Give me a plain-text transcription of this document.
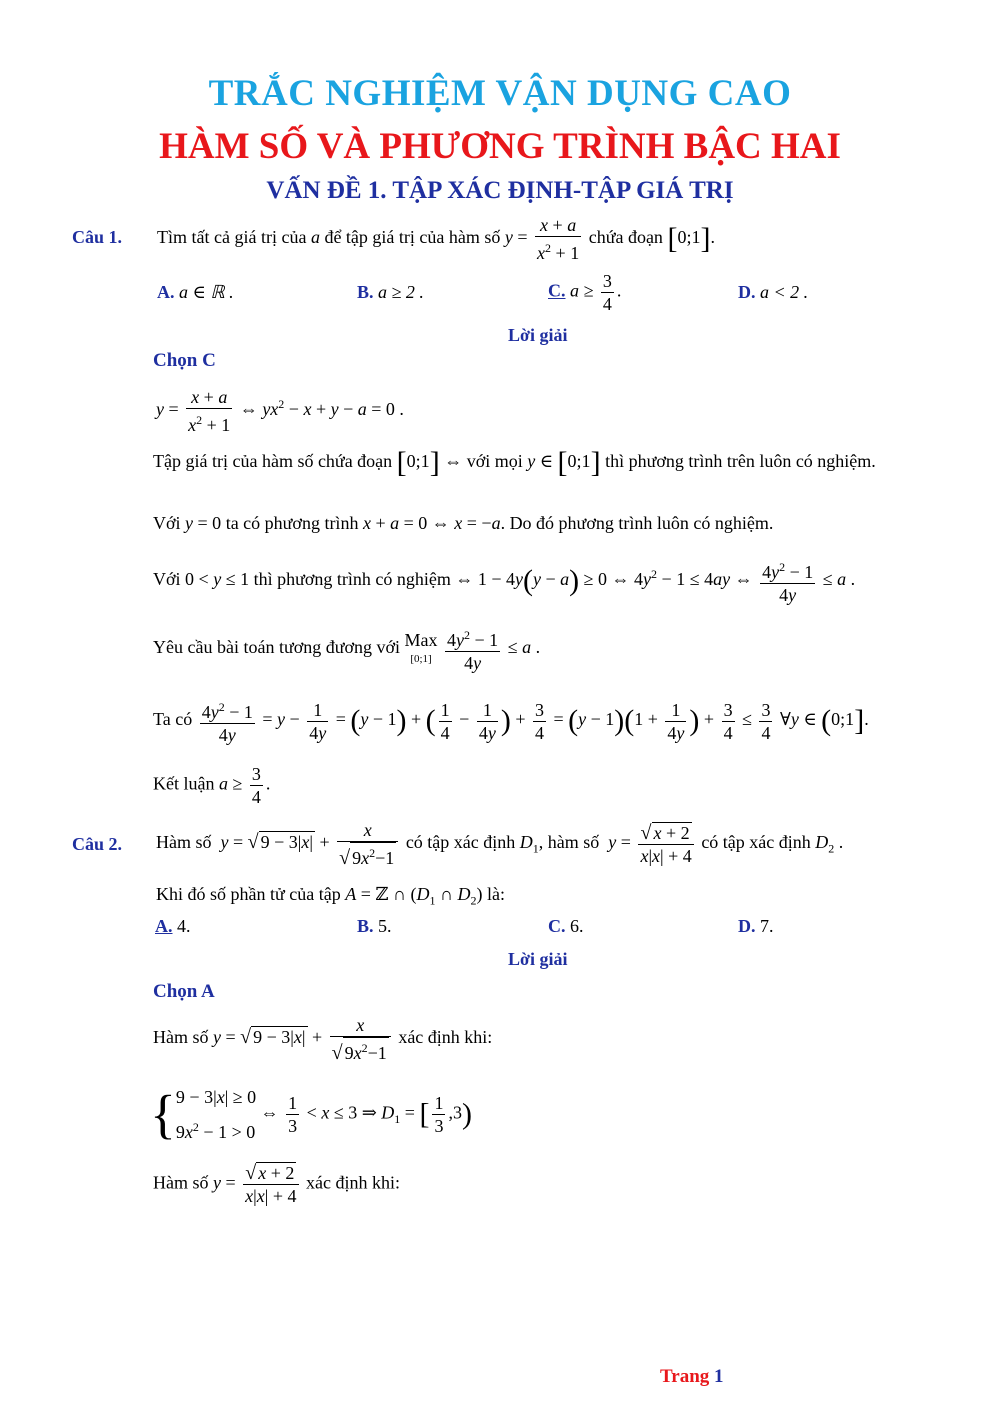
TRẮC NGHIỆM VẬN DỤNG CAO
HÀM SỐ VÀ PHƯƠNG TRÌNH BẬC HAI
VẤN ĐỀ 1. TẬP XÁC ĐỊNH-TẬP GIÁ TRỊ
Câu 1. Tìm tất cả giá trị của a để tập giá trị của hàm số $y = \frac{x + a}{x^2 + 1}$ chứa đoạn [0;1].
A. a ∈ ℝ .	B. a ≥ 2 .	C. $a \ge \frac{3}{4}$ .	D. a < 2 .
Lời giải
Chọn C
$y = \frac{x + a}{x^2 + 1}$ ⇔ $yx^2 - x + y - a = 0$ .
Tập giá trị của hàm số chứa đoạn [0;1] ⇔ với mọi y ∈ [0;1] thì phương trình trên luôn có nghiệm.
Với y = 0 ta có phương trình x + a = 0 ⇔ x = −a. Do đó phương trình luôn có nghiệm.
Với 0 < y ≤ 1 thì phương trình có nghiệm ⇔ 1 − 4y(y − a) ≥ 0 ⇔ $4y^2 - 1 \le 4ay$ ⇔ $\frac{4y^2 - 1}{4y} \le a$ .
Yêu cầu bài toán tương đương với Max
[0;1] $\frac{4y^2 - 1}{4y} \le a$ .
Ta có $\frac{4y^2 - 1}{4y} = y - \frac{1}{4y} = (y - 1)$ + ( $\frac{1}{4} - \frac{1}{4y}$ ) + $\frac{3}{4} = (y - 1)(1 + \frac{1}{4y}$ ) + $\frac{3}{4} \le \frac{3}{4}$ ∀y ∈ (0;1].
Kết luận $a \ge \frac{3}{4}$ .
Câu 2. Hàm số y = √ $9 - 3|x| + \frac{x}{√ 9x^2-1}$ có tập xác định $D_1$, hàm số $y = \frac{√ x + 2}{x|x| + 4}$ có tập xác định $D_2$ .
Khi đó số phần tử của tập A = ℤ ∩ ($D_1$ ∩ $D_2$) là:
A. 4.	B. 5.	C. 6.	D. 7.
Lời giải
Chọn A
Hàm số y = √ $9 - 3|x| + \frac{x}{√ 9x^2-1}$ xác định khi:
{9 − 3|x| ≥ 0
$9x^2 - 1 > 0$ ⇔ $\frac{1}{3} < x \le 3$ ⇒ $D_1$ = [ $\frac{1}{3} ,3$)
Hàm số $y = \frac{√ x + 2}{x|x| + 4}$ xác định khi:
Trang 1
